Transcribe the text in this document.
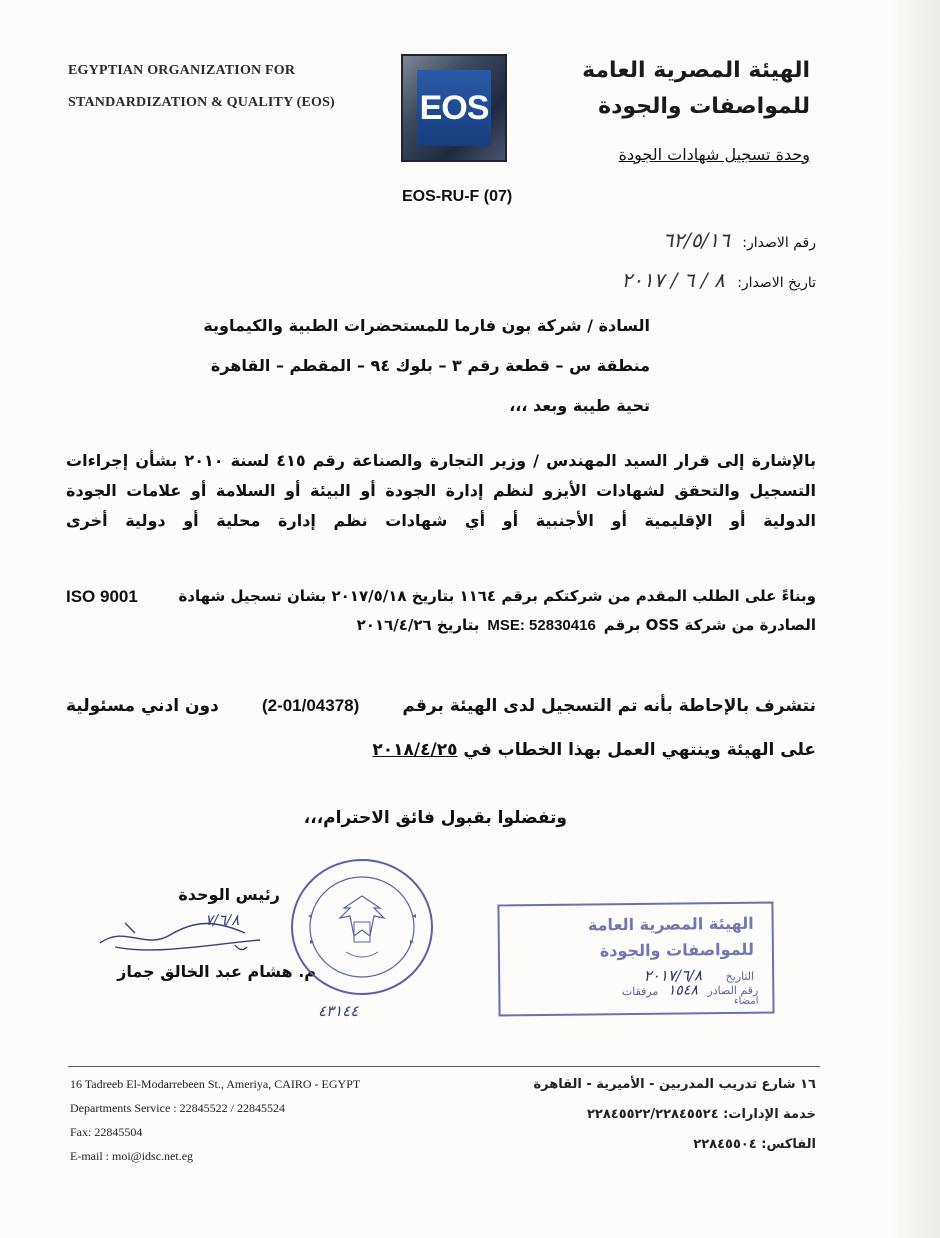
EGYPTIAN ORGANIZATION FOR
STANDARDIZATION & QUALITY (EOS) EOS
الهيئة المصرية العامة
للمواصفات والجودة
وحدة تسجيل شهادات الجودة
EOS-RU-F (07)
رقم الاصدار: ٦٢/٥/١٦
تاريخ الاصدار: ٨ / ٦ / ٢٠١٧
السادة / شركة بون فارما للمستحضرات الطبية والكيماوية
منطقة س – قطعة رقم ٣ – بلوك ٩٤ – المقطم – القاهرة
تحية طيبة وبعد ،،،
بالإشارة إلى قرار السيد المهندس / وزير التجارة والصناعة رقم ٤١٥ لسنة ٢٠١٠ بشأن إجراءات التسجيل والتحقق لشهادات الأيزو لنظم إدارة الجودة أو البيئة أو السلامة أو علامات الجودة الدولية أو الإقليمية أو الأجنبية أو أي شهادات نظم إدارة محلية أو دولية أخرى
وبناءً على الطلب المقدم من شركتكم برقم ١١٦٤ بتاريخ ٢٠١٧/٥/١٨ بشان تسجيل شهادة
ISO 9001
الصادرة من شركة OSS برقم
MSE: 52830416
بتاريخ ٢٠١٦/٤/٢٦
نتشرف بالإحاطة بأنه تم التسجيل لدى الهيئة برقم
(2-01/04378)
دون ادني مسئولية
على الهيئة وينتهي العمل بهذا الخطاب في ٢٠١٨/٤/٢٥
وتفضلوا بقبول فائق الاحترام،،،
رئيس الوحدة
٧/٦/٨
م. هشام عبد الخالق جماز
٤٣١٤٤
الهيئة المصرية العامة
للمواصفات والجودة
التاريخ ٢٠١٧/٦/٨
رقم الصادر ١٥٤٨ مرفقات
امضاء
16 Tadreeb El-Modarrebeen St., Ameriya, CAIRO - EGYPT
Departments Service : 22845522 / 22845524
Fax: 22845504
E-mail : moi@idsc.net.eg
١٦ شارع تدريب المدربين - الأميرية - القاهرة
خدمة الإدارات: ٢٢٨٤٥٥٢٢/٢٢٨٤٥٥٢٤
الفاكس: ٢٢٨٤٥٥٠٤
